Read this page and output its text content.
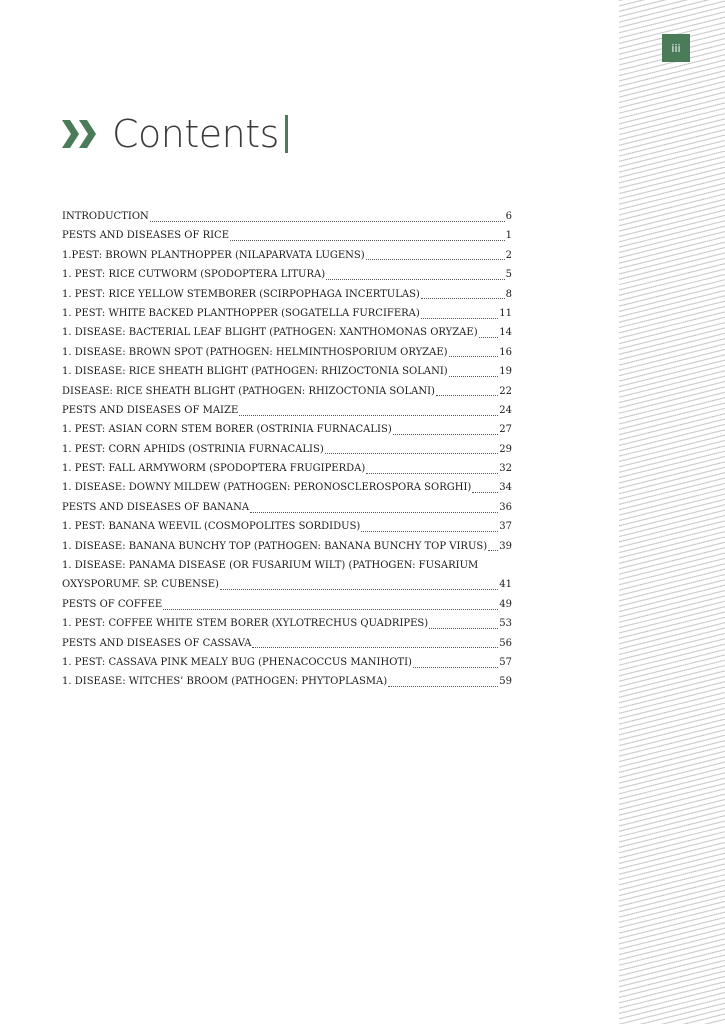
iii
Contents
INTRODUCTION	6
PESTS AND DISEASES OF RICE	1
1.PEST: BROWN PLANTHOPPER (NILAPARVATA LUGENS)	2
1. PEST: RICE CUTWORM (SPODOPTERA LITURA)	5
1. PEST: RICE YELLOW STEMBORER (SCIRPOPHAGA INCERTULAS)	8
1. PEST: WHITE BACKED PLANTHOPPER (SOGATELLA FURCIFERA)	11
1. DISEASE: BACTERIAL LEAF BLIGHT (PATHOGEN: XANTHOMONAS ORYZAE) 14
1. DISEASE: BROWN SPOT (PATHOGEN: HELMINTHOSPORIUM ORYZAE)	16
1. DISEASE: RICE SHEATH BLIGHT (PATHOGEN: RHIZOCTONIA SOLANI)	19
DISEASE: RICE SHEATH BLIGHT (PATHOGEN: RHIZOCTONIA SOLANI)	22
PESTS AND DISEASES OF MAIZE	24
1. PEST: ASIAN CORN STEM BORER (OSTRINIA FURNACALIS)	27
1. PEST: CORN APHIDS (OSTRINIA FURNACALIS)	29
1. PEST: FALL ARMYWORM (SPODOPTERA FRUGIPERDA)	32
1. DISEASE: DOWNY MILDEW (PATHOGEN: PERONOSCLEROSPORA SORGHI)	34
PESTS AND DISEASES OF BANANA	36
1. PEST: BANANA WEEVIL (COSMOPOLITES SORDIDUS)	37
1. DISEASE: BANANA BUNCHY TOP (PATHOGEN: BANANA BUNCHY TOP VIRUS) 39
1. DISEASE: PANAMA DISEASE (OR FUSARIUM WILT) (PATHOGEN: FUSARIUM
OXYSPORUMF. SP. CUBENSE)	41
PESTS OF COFFEE	49
1. PEST: COFFEE WHITE STEM BORER (XYLOTRECHUS QUADRIPES)	53
PESTS AND DISEASES OF CASSAVA	56
1. PEST: CASSAVA PINK MEALY BUG (PHENACOCCUS MANIHOTI)	57
1. DISEASE: WITCHES’ BROOM (PATHOGEN: PHYTOPLASMA)	59
